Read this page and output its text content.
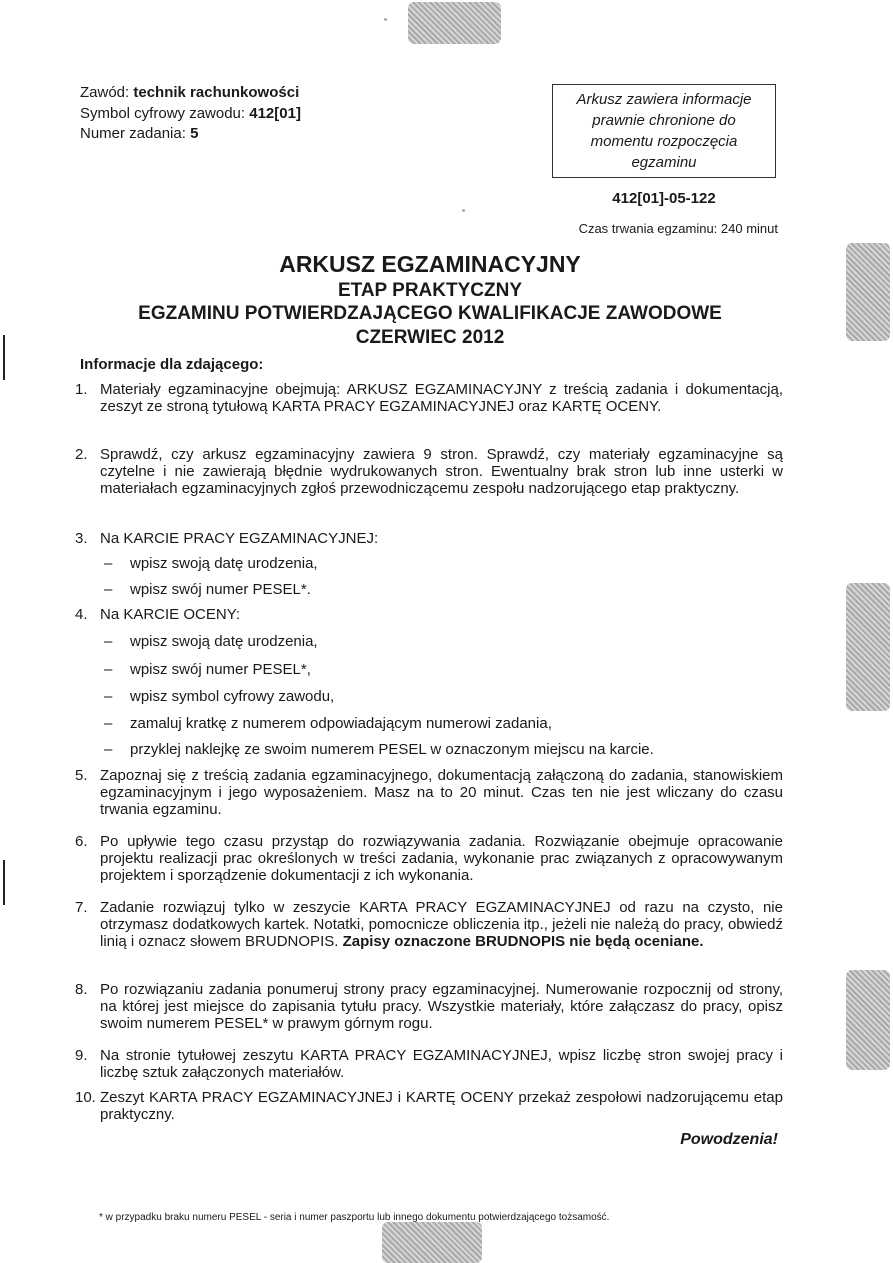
Zawód: technik rachunkowości
Symbol cyfrowy zawodu: 412[01]
Numer zadania: 5
Arkusz zawiera informacje prawnie chronione do momentu rozpoczęcia egzaminu
412[01]-05-122
Czas trwania egzaminu: 240 minut
ARKUSZ EGZAMINACYJNY
ETAP PRAKTYCZNY
EGZAMINU POTWIERDZAJĄCEGO KWALIFIKACJE ZAWODOWE
CZERWIEC 2012
Informacje dla zdającego:
1. Materiały egzaminacyjne obejmują: ARKUSZ EGZAMINACYJNY z treścią zadania i dokumentacją, zeszyt ze stroną tytułową KARTA PRACY EGZAMINACYJNEJ oraz KARTĘ OCENY.
2. Sprawdź, czy arkusz egzaminacyjny zawiera 9 stron. Sprawdź, czy materiały egzaminacyjne są czytelne i nie zawierają błędnie wydrukowanych stron. Ewentualny brak stron lub inne usterki w materiałach egzaminacyjnych zgłoś przewodniczącemu zespołu nadzorującego etap praktyczny.
3. Na KARCIE PRACY EGZAMINACYJNEJ:
– wpisz swoją datę urodzenia,
– wpisz swój numer PESEL*.
4. Na KARCIE OCENY:
– wpisz swoją datę urodzenia,
– wpisz swój numer PESEL*,
– wpisz symbol cyfrowy zawodu,
– zamaluj kratkę z numerem odpowiadającym numerowi zadania,
– przyklej naklejkę ze swoim numerem PESEL w oznaczonym miejscu na karcie.
5. Zapoznaj się z treścią zadania egzaminacyjnego, dokumentacją załączoną do zadania, stanowiskiem egzaminacyjnym i jego wyposażeniem. Masz na to 20 minut. Czas ten nie jest wliczany do czasu trwania egzaminu.
6. Po upływie tego czasu przystąp do rozwiązywania zadania. Rozwiązanie obejmuje opracowanie projektu realizacji prac określonych w treści zadania, wykonanie prac związanych z opracowywanym projektem i sporządzenie dokumentacji z ich wykonania.
7. Zadanie rozwiązuj tylko w zeszycie KARTA PRACY EGZAMINACYJNEJ od razu na czysto, nie otrzymasz dodatkowych kartek. Notatki, pomocnicze obliczenia itp., jeżeli nie należą do pracy, obwiedź linią i oznacz słowem BRUDNOPIS. Zapisy oznaczone BRUDNOPIS nie będą oceniane.
8. Po rozwiązaniu zadania ponumeruj strony pracy egzaminacyjnej. Numerowanie rozpocznij od strony, na której jest miejsce do zapisania tytułu pracy. Wszystkie materiały, które załączasz do pracy, opisz swoim numerem PESEL* w prawym górnym rogu.
9. Na stronie tytułowej zeszytu KARTA PRACY EGZAMINACYJNEJ, wpisz liczbę stron swojej pracy i liczbę sztuk załączonych materiałów.
10. Zeszyt KARTA PRACY EGZAMINACYJNEJ i KARTĘ OCENY przekaż zespołowi nadzorującemu etap praktyczny.
Powodzenia!
* w przypadku braku numeru PESEL - seria i numer paszportu lub innego dokumentu potwierdzającego tożsamość.
